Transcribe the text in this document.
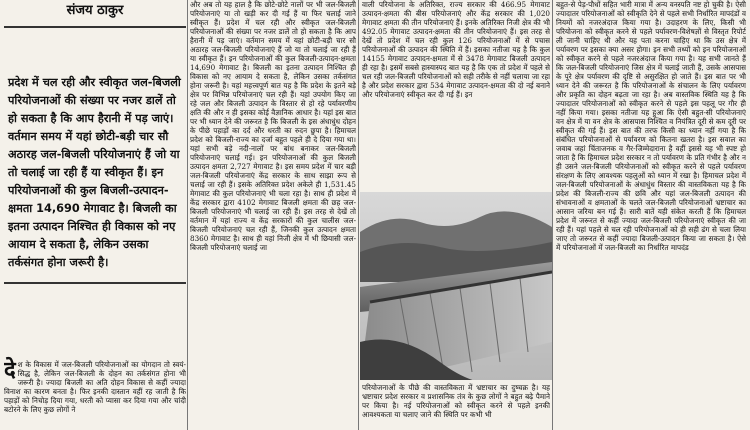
संजय ठाकुर
प्रदेश में चल रही और स्वीकृत जल-बिजली परियोजनाओं की संख्या पर नजर डालें तो हो सकता है कि आप हैरानी में पड़ जाएं। वर्तमान समय में यहां छोटी-बड़ी चार सौ अठारह जल-बिजली परियोजनाएं हैं जो या तो चलाई जा रही हैं या स्वीकृत हैं। इन परियोजनाओं की कुल बिजली-उत्पादन-क्षमता 14,690 मेगावाट है। बिजली का इतना उत्पादन निश्चित ही विकास को नए आयाम दे सकता है, लेकिन उसका तर्कसंगत होना जरूरी है।
दे श के विकास में जल-बिजली परियोजनाओं का योगदान तो स्वयं-सिद्ध है, लेकिन जल-बिजली के दोहन का तर्कसंगत होना भी जरूरी है। ज्यादा बिजली का अति दोहन विकास से कहीं ज्यादा विनाश का कारण बनता है। फिर इनकी दास्तान वहीं रह जाती है कि पहाड़ों को निचोड़ दिया गया, धरती को प्यासा कर दिया गया और चांदी बटोरने के लिए कुछ लोगों ने

और अब तो यह हाल है कि छोटे-छोटे नालों पर भी जल-बिजली परियोजनाएं या तो खड़ी कर दी गई हैं या फिर चलाई जाने स्वीकृत हैं। प्रदेश में चल रही और स्वीकृत जल-बिजली परियोजनाओं की संख्या पर नजर डालें तो हो सकता है कि आप हैरानी में पड़ जाएं। वर्तमान समय में यहां छोटी-बड़ी चार सौ अठारह जल-बिजली परियोजनाएं हैं जो या तो चलाई जा रही हैं या स्वीकृत हैं। इन परियोजनाओं की कुल बिजली-उत्पादन-क्षमता 14,690 मेगावाट है। बिजली का इतना उत्पादन निश्चित ही विकास को नए आयाम दे सकता है, लेकिन उसका तर्कसंगत होना जरूरी है। यहां महत्त्वपूर्ण बात यह है कि प्रदेश के इतने बड़े क्षेत्र पर विभिन्न परियोजनाएं चल रही हैं। यहां उपयोग किए जा रहे जल और बिजली उत्पादन के विस्तार से हो रहे पर्यावरणीय क्षति की और न ही इसका कोई वैज्ञानिक आधार है। यहां इस बात पर भी ध्यान देने की जरूरत है कि बिजली के इस अंधाधुंध दोहन के पीछे पहाड़ों का दर्द और धरती का रुदन छुपा है। हिमाचल प्रदेश को बिजली-राज्य का दर्जा बहुत पहले ही दे दिया गया था। यहां सभी बड़े नदी-नालों पर बांध बनाकर जल-बिजली परियोजनाएं चलाई गई। इन परियोजनाओं की कुल बिजली उत्पादन क्षमता 2,727 मेगावाट है। इस समय प्रदेश में चार बड़ी जल-बिजली परियोजनाएं केंद्र सरकार के साथ साझा रूप से चलाई जा रही हैं। इसके अतिरिक्त प्रदेश अकेले ही 1,531.45 मेगावाट की कुल परियोजनाएं भी चला रहा है। साथ ही प्रदेश में केंद्र सरकार द्वारा 4102 मेगावाट बिजली क्षमता की छह जल-बिजली परियोजनाएं भी चलाई जा रही हैं। इस तरह से देखें तो वर्तमान में यहां राज्य व केंद्र सरकारों की कुल चालीस जल-बिजली परियोजनाएं चल रही हैं, जिनकी कुल उत्पादन क्षमता 8360 मेगावाट है। साथ ही यहां निजी क्षेत्र में भी छियासी जल-बिजली परियोजनाएं चलाई जा

वाली परियोजना के अतिरिक्त, राज्य सरकार की 466.95 मेगावाट उत्पादन-क्षमता की बीस परियोजनाएं और केंद्र सरकार की 1,020 मेगावाट क्षमता की तीन परियोजनाएं हैं। इनके अतिरिक्त निजी क्षेत्र की भी 492.05 मेगावाट उत्पादन-क्षमता की तीन परियोजनाएं हैं। इस तरह से देखें तो प्रदेश में चल रही कुल 126 परियोजनाओं में से पचास परियोजनाओं की उत्पादन की स्थिति में हैं। इसका नतीजा यह है कि कुल 14155 मेगावाट उत्पादन-क्षमता में से 3478 मेगावाट बिजली उत्पादन ही रहा है। इसमें सबसे हास्यास्पद बात यह है कि एक तो प्रदेश में पहले से चल रही जल-बिजली परियोजनाओं को सही तरीके से नहीं चलाया जा रहा है और प्रदेश सरकार द्वारा 534 मेगावाट उत्पादन-क्षमता की दो नई बनाने और परियोजनाएं स्वीकृत कर दी गई हैं। इन

परियोजनाओं के पीछे की वास्तविकता में भ्रष्टाचार का दुष्चक्र है। यह भ्रष्टाचार प्रदेश सरकार व प्रशासनिक तंत्र के कुछ लोगों ने बहुत बढ़े पैमाने पर किया है। नई परियोजनाओं को स्वीकृत करने से पहले इनकी आवश्यकता या चलाए जाने की स्थिति पर कभी भी

बहुत-से पेड़-पौधों सहित भारी मात्रा में अन्य वनस्पति नष्ट हो चुकी है। ऐसी ज्यादातर परियोजनाओं को स्वीकृति देने से पहले सभी निर्धारित मापदंडों व नियमों को नजरअंदाज किया गया है। उदाहरण के लिए, किसी भी परियोजना को स्वीकृत करने से पहले पर्यावरण-विशेषज्ञों से विस्तृत रिपोर्ट ली जानी चाहिए थी और यह पता करना चाहिए था कि उस क्षेत्र में पर्यावरण पर इसका क्या असर होगा। इन सभी तथ्यों को इन परियोजनाओं को स्वीकृत करने से पहले नजरअंदाज किया गया है। यह सभी जानते हैं कि जल-बिजली परियोजनाएं जिस क्षेत्र में चलाई जाती हैं, उसके आसपास के पूरे क्षेत्र पर्यावरण की दृष्टि से असुरक्षित हो जाते हैं। इस बात पर भी ध्यान देने की जरूरत है कि परियोजनाओं के संचालन के लिए पर्यावरण और प्रकृति का दोहन बढ़ता जा रहा है। अब वास्तविक स्थिति यह है कि ज्यादातर परियोजनाओं को स्वीकृत करने से पहले इस पहलू पर गौर ही नहीं किया गया। इसका नतीजा यह हुआ कि ऐसी बहुत-सी परियोजनाएं वन क्षेत्र में या वन क्षेत्र के आसपास निश्चित व नियंत्रित दूरी से कम दूरी पर स्वीकृत की गई हैं। इस बात की तरफ किसी का ध्यान नहीं गया है कि संबंधित परियोजनाओं से पर्यावरण को कितना खतरा है। इस सवाल का जवाब जहां चिंताजनक व गैर-जिम्मेदाराना है वहीं इससे यह भी स्पष्ट हो जाता है कि हिमाचल प्रदेश सरकार न तो पर्यावरण के प्रति गंभीर है और न ही उसने जल-बिजली परियोजनाओं को स्वीकृत करने से पहले पर्यावरण संरक्षण के लिए आवश्यक पहलुओं को ध्यान में रखा है। हिमाचल प्रदेश में जल-बिजली परियोजनाओं के अंधाधुंध विस्तार की वास्तविकता यह है कि प्रदेश की बिजली-राज्य की छवि और यहां जल-बिजली उत्पादन की संभावनाओं व क्षमताओं के चलते जल-बिजली परियोजनाओं भ्रष्टाचार का आसान जरिया बन गई हैं। सारी बातें यही संकेत करती हैं कि हिमाचल प्रदेश में जरूरत से कहीं ज्यादा जल-बिजली परियोजनाएं स्वीकृत की जा रही हैं। यहां पहले से चल रही परियोजनाओं को ही सही ढंग से चला लिया जाए तो जरूरत से कहीं ज्यादा बिजली-उत्पादन किया जा सकता है। ऐसे में परियोजनाओं में जल-बिजली का निर्धारित मापदंड
